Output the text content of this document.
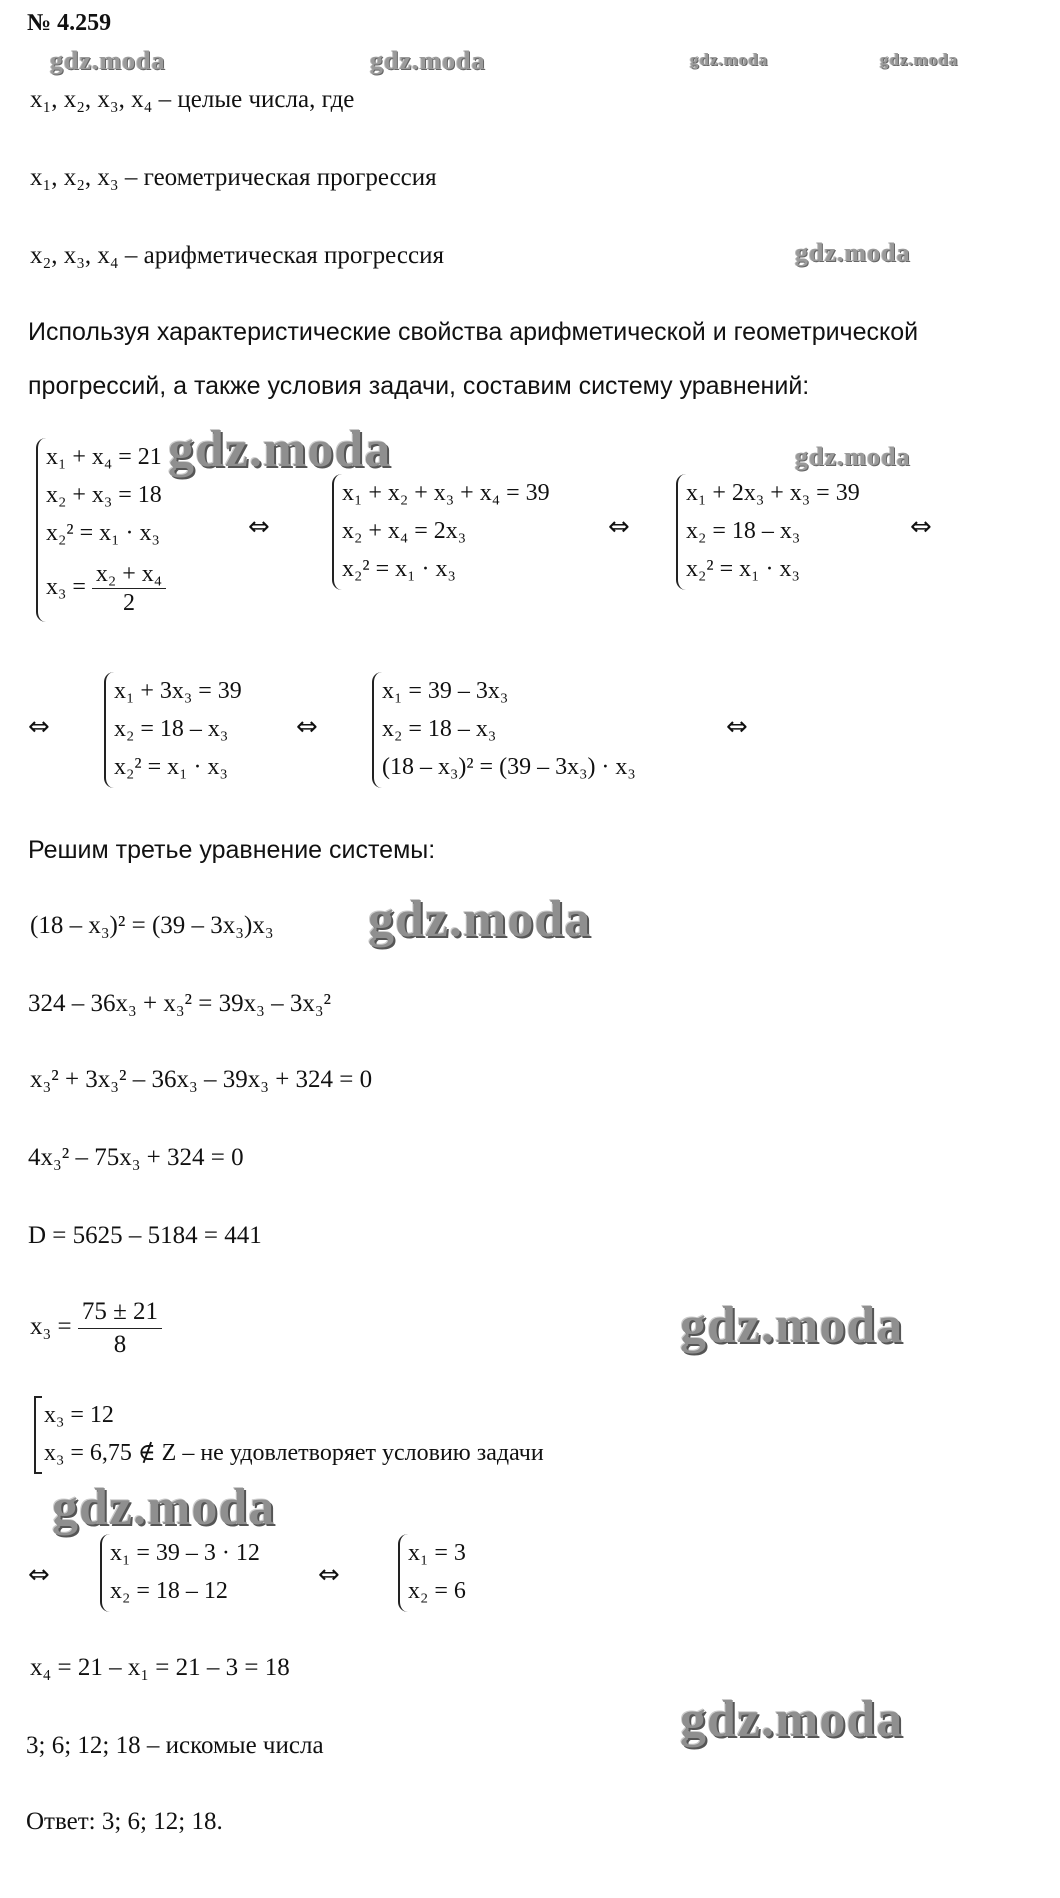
№ 4.259
gdz.moda	gdz.moda	gdz.moda	gdz.moda
gdz.moda
gdz.moda	gdz.moda
gdz.moda
gdz.moda
gdz.moda
gdz.moda
x₁, x₂, x₃, x₄ – целые числа, где
x₁, x₂, x₃ – геометрическая прогрессия
x₂, x₃, x₄ – арифметическая прогрессия
Используя характеристические свойства арифметической и геометрической
прогрессий, а также условия задачи, составим систему уравнений:
x₁ + x₄ = 21
x₂ + x₃ = 18
x₂² = x₁ · x₃
$x_3 = \frac{\text{x₂ + x₄}}{2}$
⇔
x₁ + x₂ + x₃ + x₄ = 39
x₂ + x₄ = 2x₃
x₂² = x₁ · x₃
⇔
x₁ + 2x₃ + x₃ = 39
x₂ = 18 – x₃
x₂² = x₁ · x₃
⇔
⇔
x₁ + 3x₃ = 39
x₂ = 18 – x₃
x₂² = x₁ · x₃
⇔
x₁ = 39 – 3x₃
x₂ = 18 – x₃
(18 – x₃)² = (39 – 3x₃) · x₃
⇔
Решим третье уравнение системы:
(18 – x₃)² = (39 – 3x₃)x₃
324 – 36x₃ + x₃² = 39x₃ – 3x₃²
x₃² + 3x₃² – 36x₃ – 39x₃ + 324 = 0
4x₃² – 75x₃ + 324 = 0
D = 5625 – 5184 = 441
$x_3 = \frac{75 \pm 21}{8}$
x₃ = 12
x₃ = 6,75 ∉ Z – не удовлетворяет условию задачи
⇔
x₁ = 39 – 3 · 12
x₂ = 18 – 12
⇔
x₁ = 3
x₂ = 6
x₄ = 21 – x₁ = 21 – 3 = 18
3; 6; 12; 18 – искомые числа
Ответ: 3; 6; 12; 18.
